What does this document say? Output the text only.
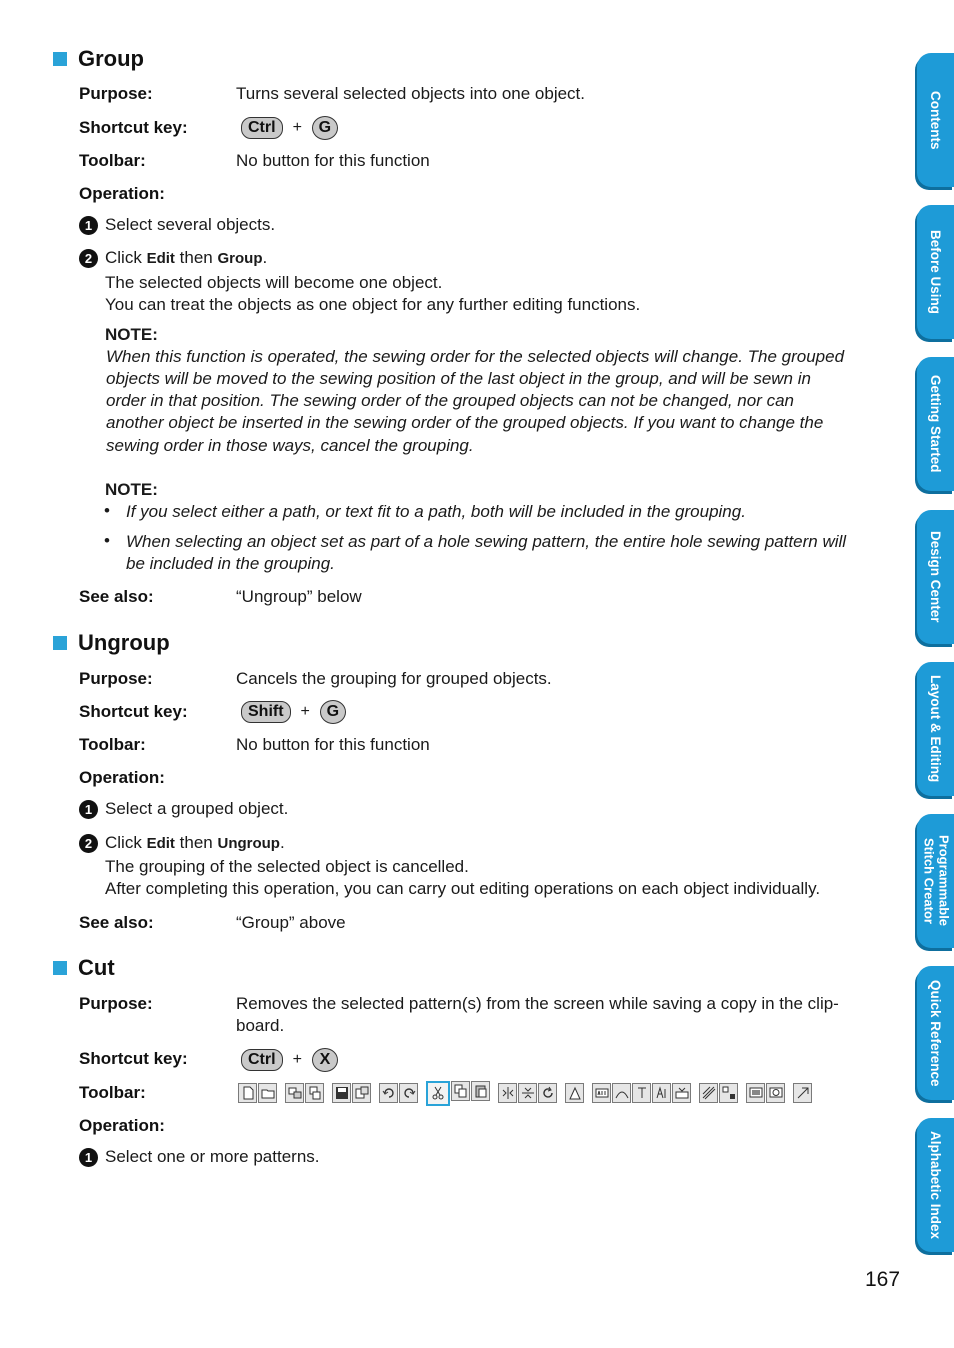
Group
Purpose:	Turns several selected objects into one object.
Shortcut key:	Ctrl	+	G
Toolbar:	No button for this function
Operation:
1 Select several objects.
2 Click Edit then Group.
The selected objects will become one object.
You can treat the objects as one object for any further editing functions.
NOTE:
When this function is operated, the sewing order for the selected objects will change. The grouped
objects will be moved to the sewing position of the last object in the group, and will be sewn in
order in that position. The sewing order of the grouped objects can not be changed, nor can
another object be inserted in the sewing order of the grouped objects. If you want to change the
sewing order in those ways, cancel the grouping.
NOTE:
• If you select either a path, or text fit to a path, both will be included in the grouping.
• When selecting an object set as part of a hole sewing pattern, the entire hole sewing pattern will
be included in the grouping.
See also:	“Ungroup” below
Ungroup
Purpose:	Cancels the grouping for grouped objects.
Shortcut key:	Shift	+	G
Toolbar:	No button for this function
Operation:
1 Select a grouped object.
2 Click Edit then Ungroup.
The grouping of the selected object is cancelled.
After completing this operation, you can carry out editing operations on each object individually.
See also:	“Group” above
Cut
Purpose:	Removes the selected pattern(s) from the screen while saving a copy in the clip-
board.
Shortcut key:	Ctrl	+	X
Toolbar:
Operation:
1 Select one or more patterns.
Contents
Before Using
Getting Started
Design Center
Layout & Editing
Programmable Stitch Creator
Quick Reference
Alphabetic Index
167
